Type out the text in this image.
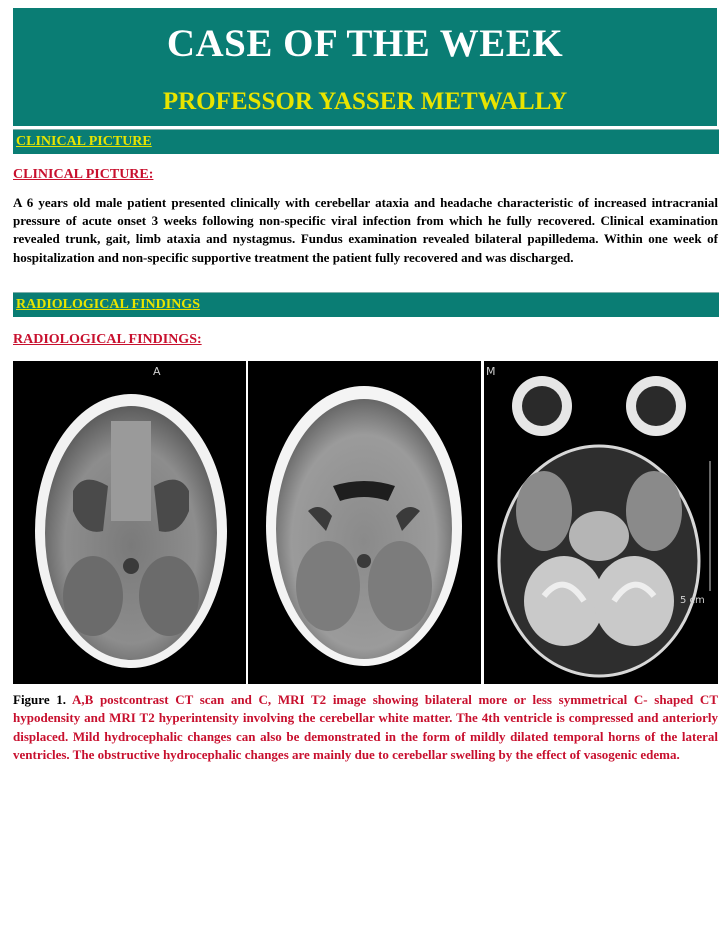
CASE OF THE WEEK
PROFESSOR YASSER METWALLY
CLINICAL PICTURE
CLINICAL PICTURE:
A 6 years old male patient presented clinically with cerebellar ataxia and headache characteristic of increased intracranial pressure of acute onset 3 weeks following non-specific viral infection from which he fully recovered. Clinical examination revealed trunk, gait, limb ataxia and nystagmus. Fundus examination revealed bilateral papilledema. Within one week of hospitalization and non-specific supportive treatment the patient fully recovered and was discharged.
RADIOLOGICAL FINDINGS
RADIOLOGICAL FINDINGS:
A	M
5 cm
Figure 1. A,B postcontrast CT scan and C, MRI T2 image showing bilateral more or less symmetrical C- shaped CT hypodensity and MRI T2 hyperintensity involving the cerebellar white matter. The 4th ventricle is compressed and anteriorly displaced. Mild hydrocephalic changes can also be demonstrated in the form of mildly dilated temporal horns of the lateral ventricles. The obstructive hydrocephalic changes are mainly due to cerebellar swelling by the effect of vasogenic edema.
